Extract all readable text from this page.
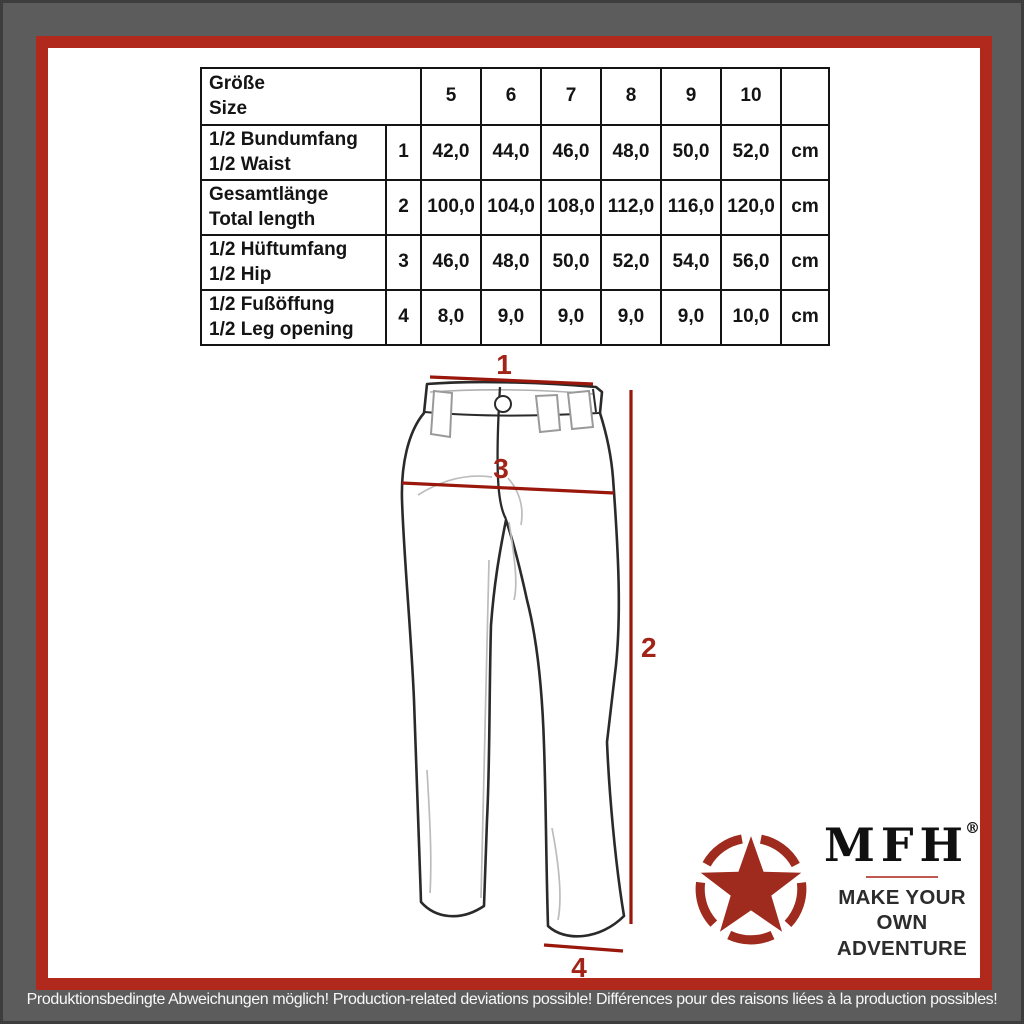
Größe
Size		5	6	7	8	9	10	

1/2 Bundumfang
1/2 Waist	1	42,0	44,0	46,0	48,0	50,0	52,0	cm

Gesamtlänge
Total length	2	100,0	104,0	108,0	112,0	116,0	120,0	cm

1/2 Hüftumfang
1/2 Hip	3	46,0	48,0	50,0	52,0	54,0	56,0	cm

1/2 Fußöffung
1/2 Leg opening	4	8,0	9,0	9,0	9,0	9,0	10,0	cm
1
3
2
4
MFH®
MAKE YOUR OWN
ADVENTURE
Produktionsbedingte Abweichungen möglich! Production-related deviations possible! Différences pour des raisons liées à la production possibles!
